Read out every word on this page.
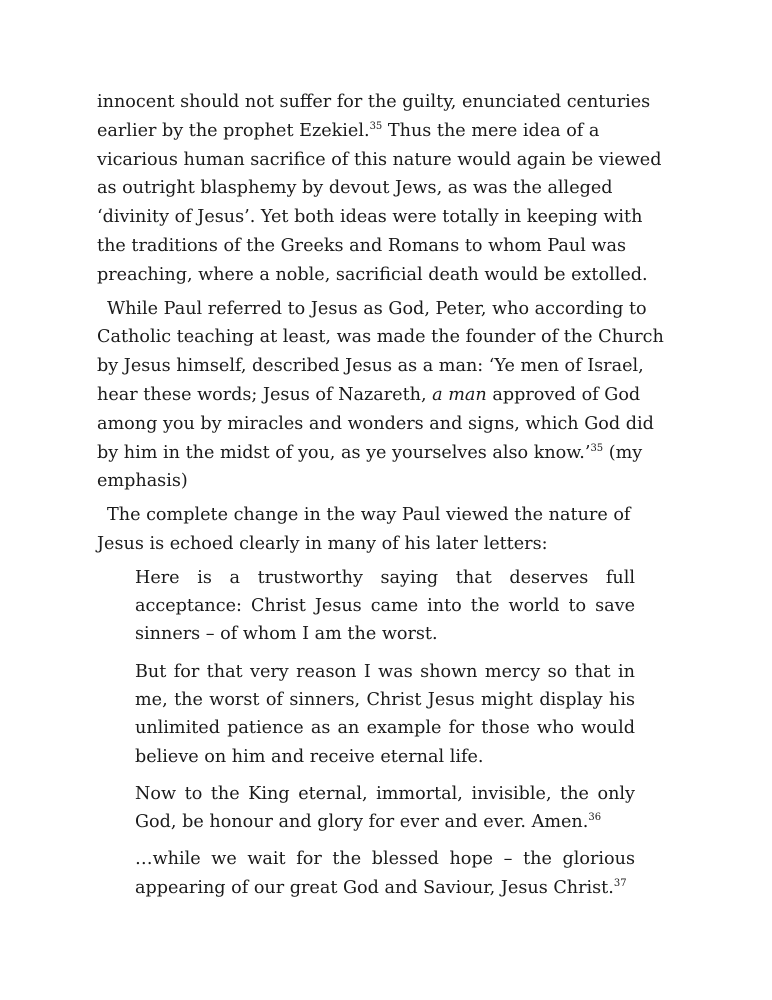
innocent should not suffer for the guilty, enunciated centuries earlier by the prophet Ezekiel.$^{35}$ Thus the mere idea of a vicarious human sacrifice of this nature would again be viewed as outright blasphemy by devout Jews, as was the alleged ‘divinity of Jesus’. Yet both ideas were totally in keeping with the traditions of the Greeks and Romans to whom Paul was preaching, where a noble, sacrificial death would be extolled.

While Paul referred to Jesus as God, Peter, who according to Catholic teaching at least, was made the founder of the Church by Jesus himself, described Jesus as a man: ‘Ye men of Israel, hear these words; Jesus of Nazareth, a man approved of God among you by miracles and wonders and signs, which God did by him in the midst of you, as ye yourselves also know.’$^{35}$ (my emphasis)

The complete change in the way Paul viewed the nature of Jesus is echoed clearly in many of his later letters:

Here is a trustworthy saying that deserves full acceptance: Christ Jesus came into the world to save sinners – of whom I am the worst.

But for that very reason I was shown mercy so that in me, the worst of sinners, Christ Jesus might display his unlimited patience as an example for those who would believe on him and receive eternal life.

Now to the King eternal, immortal, invisible, the only God, be honour and glory for ever and ever. Amen.$^{36}$

…while we wait for the blessed hope – the glorious appearing of our great God and Saviour, Jesus Christ.$^{37}$
